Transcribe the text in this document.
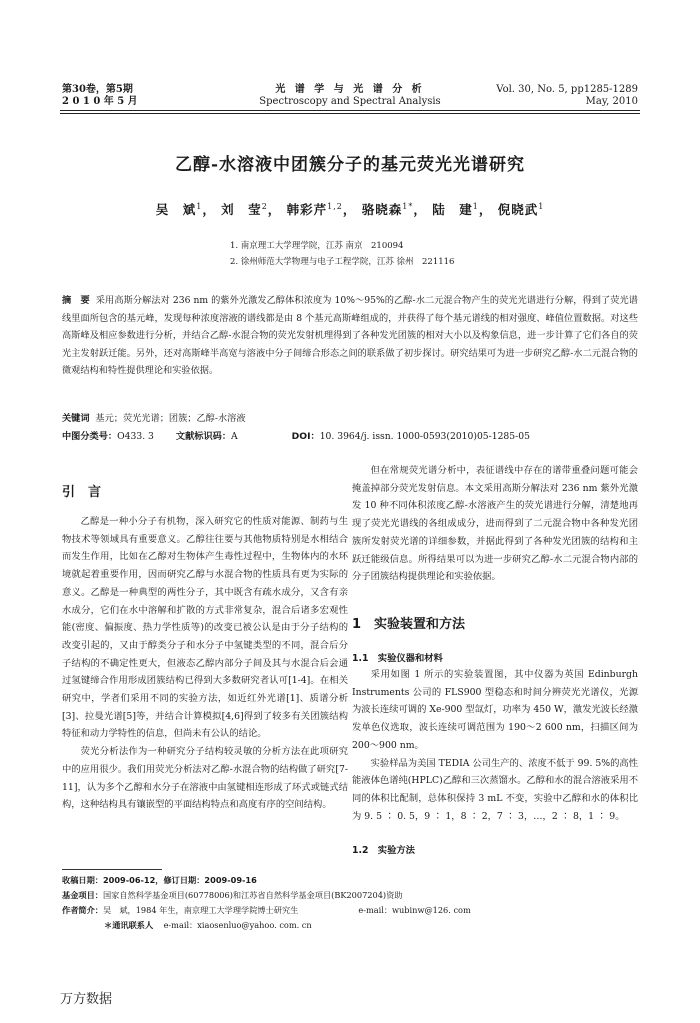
第30卷，第5期
2 0 1 0 年 5 月
光 谱 学 与 光 谱 分 析
Spectroscopy and Spectral Analysis
Vol. 30, No. 5, pp1285-1289
May, 2010
乙醇-水溶液中团簇分子的基元荧光光谱研究
吴　斌$^1$， 刘　莹$^2$， 韩彩芹$^{1,2}$， 骆晓森$^{1*}$， 陆　建$^1$， 倪晓武$^1$
1. 南京理工大学理学院，江苏 南京　210094
2. 徐州师范大学物理与电子工程学院，江苏 徐州　221116
摘　要 采用高斯分解法对 236 nm 的紫外光激发乙醇体积浓度为 10%～95%的乙醇-水二元混合物产生的荧光光谱进行分解，得到了荧光谱线里面所包含的基元峰，发现每种浓度溶液的谱线都是由 8 个基元高斯峰组成的，并获得了每个基元谱线的相对强度、峰值位置数据。对这些高斯峰及相应参数进行分析，并结合乙醇-水混合物的荧光发射机理得到了各种发光团簇的相对大小以及构象信息，进一步计算了它们各自的荧光主发射跃迁能。另外，还对高斯峰半高宽与溶液中分子间缔合形态之间的联系做了初步探讨。研究结果可为进一步研究乙醇-水二元混合物的微观结构和特性提供理论和实验依据。
关键词 基元；荧光光谱；团簇；乙醇-水溶液
中图分类号：O433. 3 文献标识码：A	DOI：10. 3964/j. issn. 1000-0593(2010)05-1285-05
引　言

乙醇是一种小分子有机物，深入研究它的性质对能源、制药与生物技术等领域具有重要意义。乙醇往往要与其他物质特别是水相结合而发生作用，比如在乙醇对生物体产生毒性过程中，生物体内的水环境就起着重要作用，因而研究乙醇与水混合物的性质具有更为实际的意义。乙醇是一种典型的两性分子，其中既含有疏水成分，又含有亲水成分，它们在水中溶解和扩散的方式非常复杂，混合后诸多宏观性能(密度、偏振度、热力学性质等)的改变已被公认是由于分子结构的改变引起的，又由于醇类分子和水分子中氢键类型的不同，混合后分子结构的不确定性更大，但液态乙醇内部分子间及其与水混合后会通过氢键缔合作用形成团簇结构已得到大多数研究者认可[1-4]。在相关研究中，学者们采用不同的实验方法，如近红外光谱[1]、质谱分析[3]、拉曼光谱[5]等，并结合计算模拟[4,6]得到了较多有关团簇结构特征和动力学特性的信息，但尚未有公认的结论。

荧光分析法作为一种研究分子结构较灵敏的分析方法在此项研究中的应用很少。我们用荧光分析法对乙醇-水混合物的结构做了研究[7-11]，认为多个乙醇和水分子在溶液中由氢键相连形成了环式或链式结构，这种结构具有镶嵌型的平面结构特点和高度有序的空间结构。

但在常规荧光谱分析中，表征谱线中存在的谱带重叠问题可能会掩盖掉部分荧光发射信息。本文采用高斯分解法对 236 nm 紫外光激发 10 种不同体积浓度乙醇-水溶液产生的荧光谱进行分解，清楚地再现了荧光光谱线的各组成成分，进而得到了二元混合物中各种发光团簇所发射荧光谱的详细参数，并据此得到了各种发光团簇的结构和主跃迁能级信息。所得结果可以为进一步研究乙醇-水二元混合物内部的分子团簇结构提供理论和实验依据。

1　实验装置和方法
1.1　实验仪器和材料

采用如图 1 所示的实验装置图，其中仪器为英国 Edinburgh Instruments 公司的 FLS900 型稳态和时间分辨荧光光谱仪，光源为波长连续可调的 Xe-900 型氙灯，功率为 450 W，激发光波长经激发单色仪选取，波长连续可调范围为 190～2 600 nm，扫描区间为 200～900 nm。

实验样品为美国 TEDIA 公司生产的、浓度不低于 99. 5%的高性能液体色谱纯(HPLC)乙醇和三次蒸馏水。乙醇和水的混合溶液采用不同的体积比配制，总体积保持 3 mL 不变，实验中乙醇和水的体积比为 9. 5 ∶ 0. 5，9 ∶ 1，8 ∶ 2，7 ∶ 3，…，2 ∶ 8，1 ∶ 9。

1.2　实验方法
收稿日期：2009-06-12，修订日期：2009-09-16
基金项目：国家自然科学基金项目(60778006)和江苏省自然科学基金项目(BK2007204)资助
作者简介：吴　斌，1984 年生，南京理工大学理学院博士研究生	e-mail：wubinw@126. com
＊通讯联系人 e-mail：xiaosenluo@yahoo. com. cn
万方数据
